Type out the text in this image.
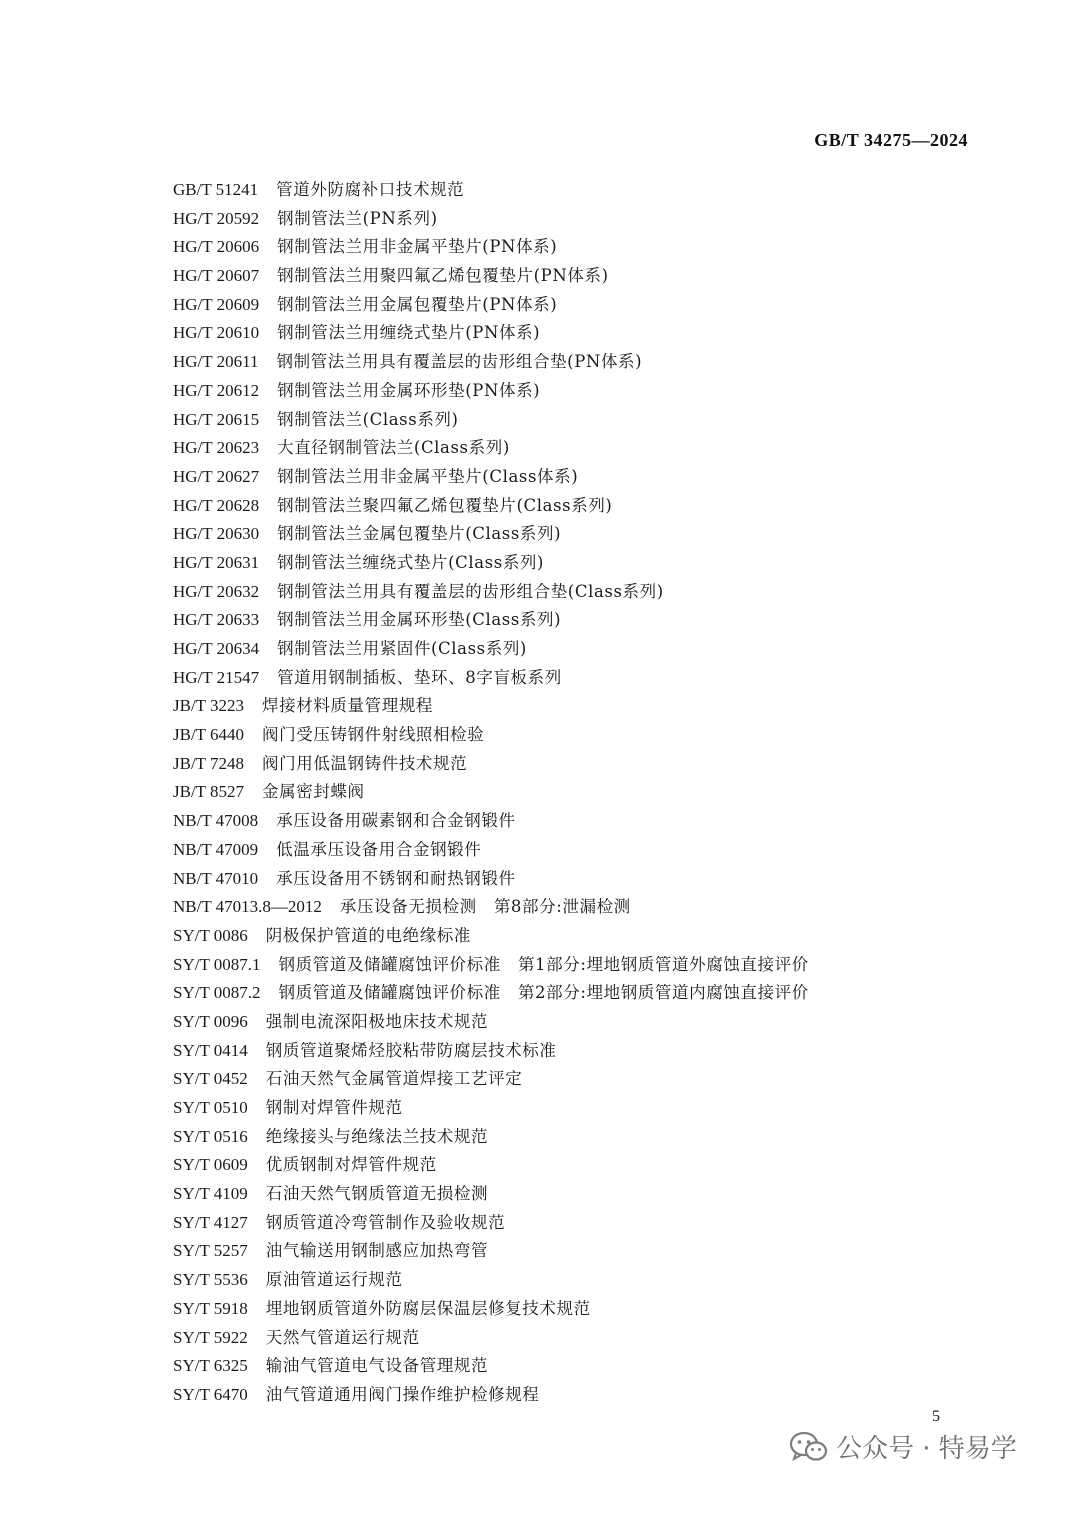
GB/T 34275—2024
GB/T 51241 管道外防腐补口技术规范
HG/T 20592 钢制管法兰(PN系列)
HG/T 20606 钢制管法兰用非金属平垫片(PN体系)
HG/T 20607 钢制管法兰用聚四氟乙烯包覆垫片(PN体系)
HG/T 20609 钢制管法兰用金属包覆垫片(PN体系)
HG/T 20610 钢制管法兰用缠绕式垫片(PN体系)
HG/T 20611 钢制管法兰用具有覆盖层的齿形组合垫(PN体系)
HG/T 20612 钢制管法兰用金属环形垫(PN体系)
HG/T 20615 钢制管法兰(Class系列)
HG/T 20623 大直径钢制管法兰(Class系列)
HG/T 20627 钢制管法兰用非金属平垫片(Class体系)
HG/T 20628 钢制管法兰聚四氟乙烯包覆垫片(Class系列)
HG/T 20630 钢制管法兰金属包覆垫片(Class系列)
HG/T 20631 钢制管法兰缠绕式垫片(Class系列)
HG/T 20632 钢制管法兰用具有覆盖层的齿形组合垫(Class系列)
HG/T 20633 钢制管法兰用金属环形垫(Class系列)
HG/T 20634 钢制管法兰用紧固件(Class系列)
HG/T 21547 管道用钢制插板、垫环、8字盲板系列
JB/T 3223 焊接材料质量管理规程
JB/T 6440 阀门受压铸钢件射线照相检验
JB/T 7248 阀门用低温钢铸件技术规范
JB/T 8527 金属密封蝶阀
NB/T 47008 承压设备用碳素钢和合金钢锻件
NB/T 47009 低温承压设备用合金钢锻件
NB/T 47010 承压设备用不锈钢和耐热钢锻件
NB/T 47013.8—2012 承压设备无损检测　第8部分:泄漏检测
SY/T 0086 阴极保护管道的电绝缘标准
SY/T 0087.1 钢质管道及储罐腐蚀评价标准　第1部分:埋地钢质管道外腐蚀直接评价
SY/T 0087.2 钢质管道及储罐腐蚀评价标准　第2部分:埋地钢质管道内腐蚀直接评价
SY/T 0096 强制电流深阳极地床技术规范
SY/T 0414 钢质管道聚烯烃胶粘带防腐层技术标准
SY/T 0452 石油天然气金属管道焊接工艺评定
SY/T 0510 钢制对焊管件规范
SY/T 0516 绝缘接头与绝缘法兰技术规范
SY/T 0609 优质钢制对焊管件规范
SY/T 4109 石油天然气钢质管道无损检测
SY/T 4127 钢质管道冷弯管制作及验收规范
SY/T 5257 油气输送用钢制感应加热弯管
SY/T 5536 原油管道运行规范
SY/T 5918 埋地钢质管道外防腐层保温层修复技术规范
SY/T 5922 天然气管道运行规范
SY/T 6325 输油气管道电气设备管理规范
SY/T 6470 油气管道通用阀门操作维护检修规程
5
公众号 · 特易学
